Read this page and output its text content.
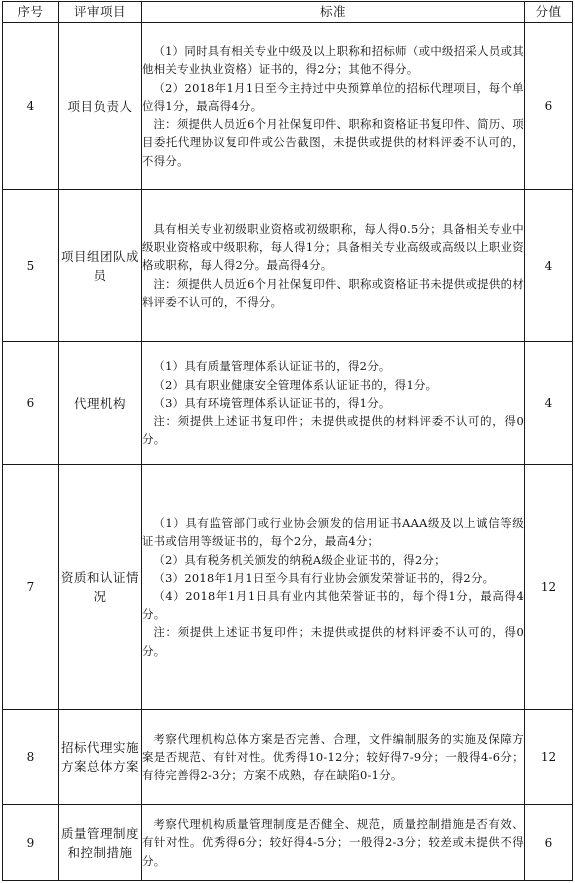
序号	评审项目	标准	分值
4	项目负责人	（1）同时具有相关专业中级及以上职称和招标师（或中级招采人员或其他相关专业执业资格）证书的，得2分；其他不得分。

（2）2018年1月1日至今主持过中央预算单位的招标代理项目，每个单位得1分，最高得4分。

注：须提供人员近6个月社保复印件、职称和资格证书复印件、简历、项目委托代理协议复印件或公告截图，未提供或提供的材料评委不认可的，不得分。	6
5	项目组团队成员	具有相关专业初级职业资格或初级职称，每人得0.5分；具备相关专业中级职业资格或中级职称，每人得1分；具备相关专业高级或高级以上职业资格或职称，每人得2分。最高得4分。

注：须提供人员近6个月社保复印件、职称或资格证书未提供或提供的材料评委不认可的，不得分。	4
6	代理机构	（1）具有质量管理体系认证证书的，得2分。

（2）具有职业健康安全管理体系认证证书的，得1分。

（3）具有环境管理体系认证证书的，得1分。

注：须提供上述证书复印件；未提供或提供的材料评委不认可的，得0分。	4
7	资质和认证情况	（1）具有监管部门或行业协会颁发的信用证书AAA级及以上诚信等级证书或信用等级证书的，每个2分，最高4分；

（2）具有税务机关颁发的纳税A级企业证书的，得2分；

（3）2018年1月1日至今具有行业协会颁发荣誉证书的，得2分。

（4）2018年1月1日具有业内其他荣誉证书的，每个得1分，最高得4分。

注：须提供上述证书复印件；未提供或提供的材料评委不认可的，得0分。	12
8	招标代理实施方案总体方案	考察代理机构总体方案是否完善、合理，文件编制服务的实施及保障方案是否规范、有针对性。优秀得10-12分；较好得7-9分；一般得4-6分；有待完善得2-3分；方案不成熟，存在缺陷0-1分。	12
9	质量管理制度和控制措施	考察代理机构质量管理制度是否健全、规范，质量控制措施是否有效、有针对性。优秀得6分；较好得4-5分；一般得2-3分；较差或未提供不得分。	6
